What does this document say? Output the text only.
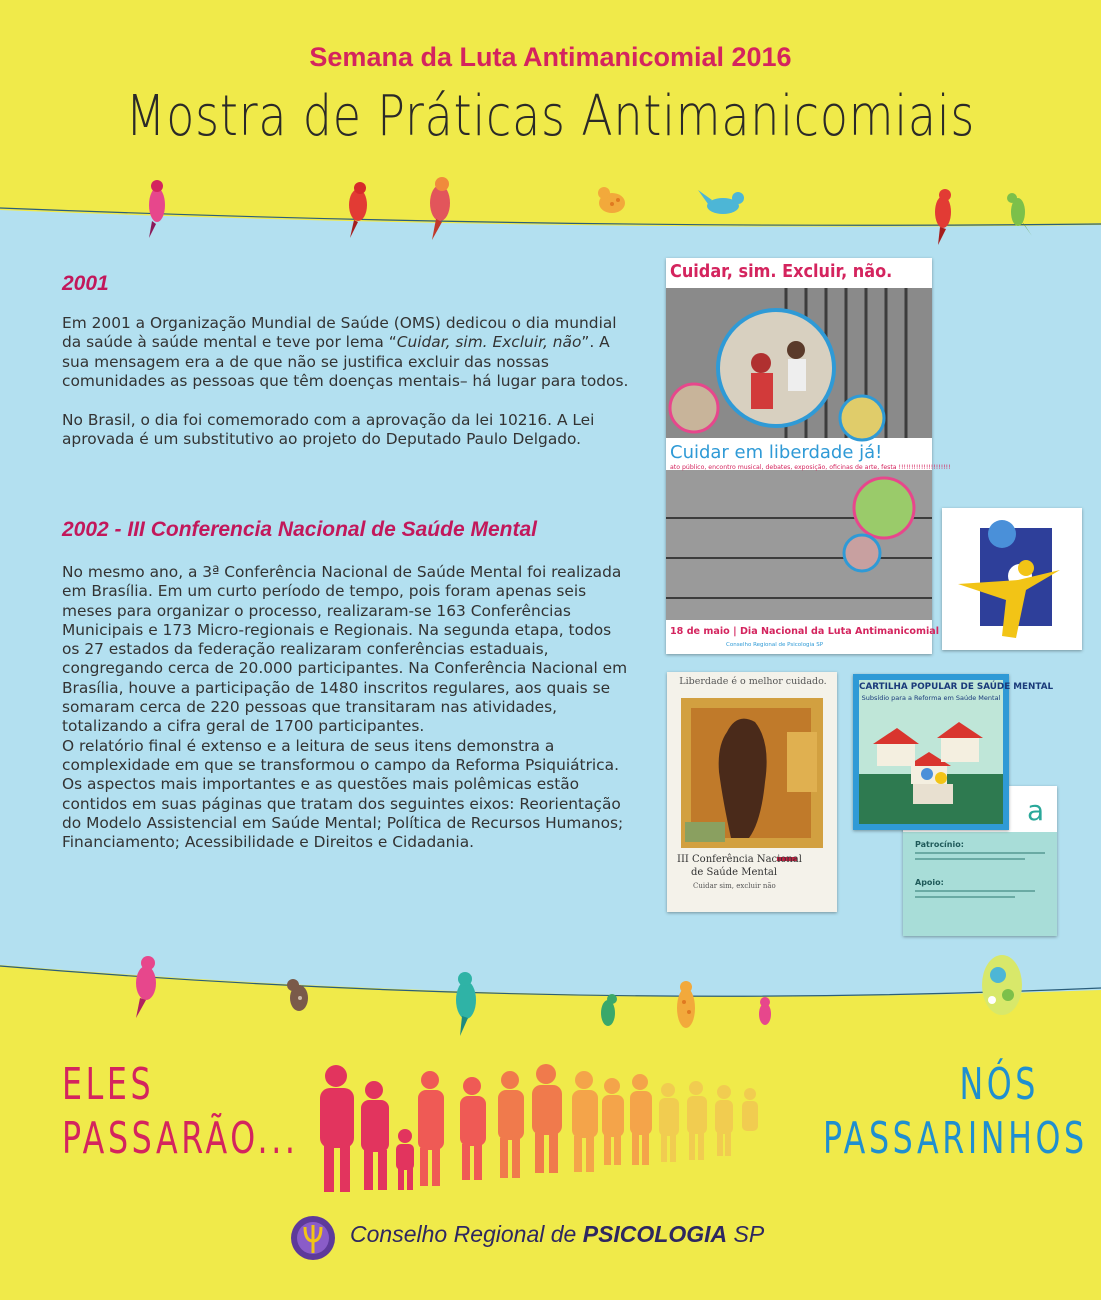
Semana da Luta Antimanicomial 2016
Mostra de Práticas Antimanicomiais
2001
Em 2001 a Organização Mundial de Saúde (OMS) dedicou o dia mundial da saúde à saúde mental e teve por lema “Cuidar, sim. Excluir, não”. A sua mensagem era a de que não se justifica excluir das nossas comunidades as pessoas que têm doenças mentais– há lugar para todos.
No Brasil, o dia foi comemorado com a aprovação da lei 10216. A Lei aprovada é um substitutivo ao projeto do Deputado Paulo Delgado.
2002 - III Conferencia Nacional de Saúde Mental
No mesmo ano, a 3ª Conferência Nacional de Saúde Mental foi realizada em Brasília. Em um curto período de tempo, pois foram apenas seis meses para organizar o processo, realizaram-se 163 Conferências Municipais e 173 Micro-regionais e Regionais. Na segunda etapa, todos os 27 estados da federação realizaram conferências estaduais, congregando cerca de 20.000 participantes. Na Conferência Nacional em Brasília, houve a participação de 1480 inscritos regulares, aos quais se somaram cerca de 220 pessoas que transitaram nas atividades, totalizando a cifra geral de 1700 participantes.
O relatório final é extenso e a leitura de seus itens demonstra a complexidade em que se transformou o campo da Reforma Psiquiátrica. Os aspectos mais importantes e as questões mais polêmicas estão contidos em suas páginas que tratam dos seguintes eixos: Reorientação do Modelo Assistencial em Saúde Mental; Política de Recursos Humanos; Financiamento; Acessibilidade e Direitos e Cidadania.
Cuidar, sim. Excluir, não.
Cuidar em liberdade já!
ato público, encontro musical, debates, exposição, oficinas de arte, festa !!!!!!!!!!!!!!!!!!!!!
18 de maio | Dia Nacional da Luta Antimanicomial
Conselho Regional de Psicologia SP
Liberdade é o melhor cuidado.
III Conferência Nacional
de Saúde Mental
Cuidar sim, excluir não
a
Patrocínio:
Apoio:
CARTILHA POPULAR DE SAÚDE MENTAL
Subsídio para a Reforma em Saúde Mental
ELES
PASSARÃO...
NÓS
PASSARINHOS
Conselho Regional de PSICOLOGIA SP
